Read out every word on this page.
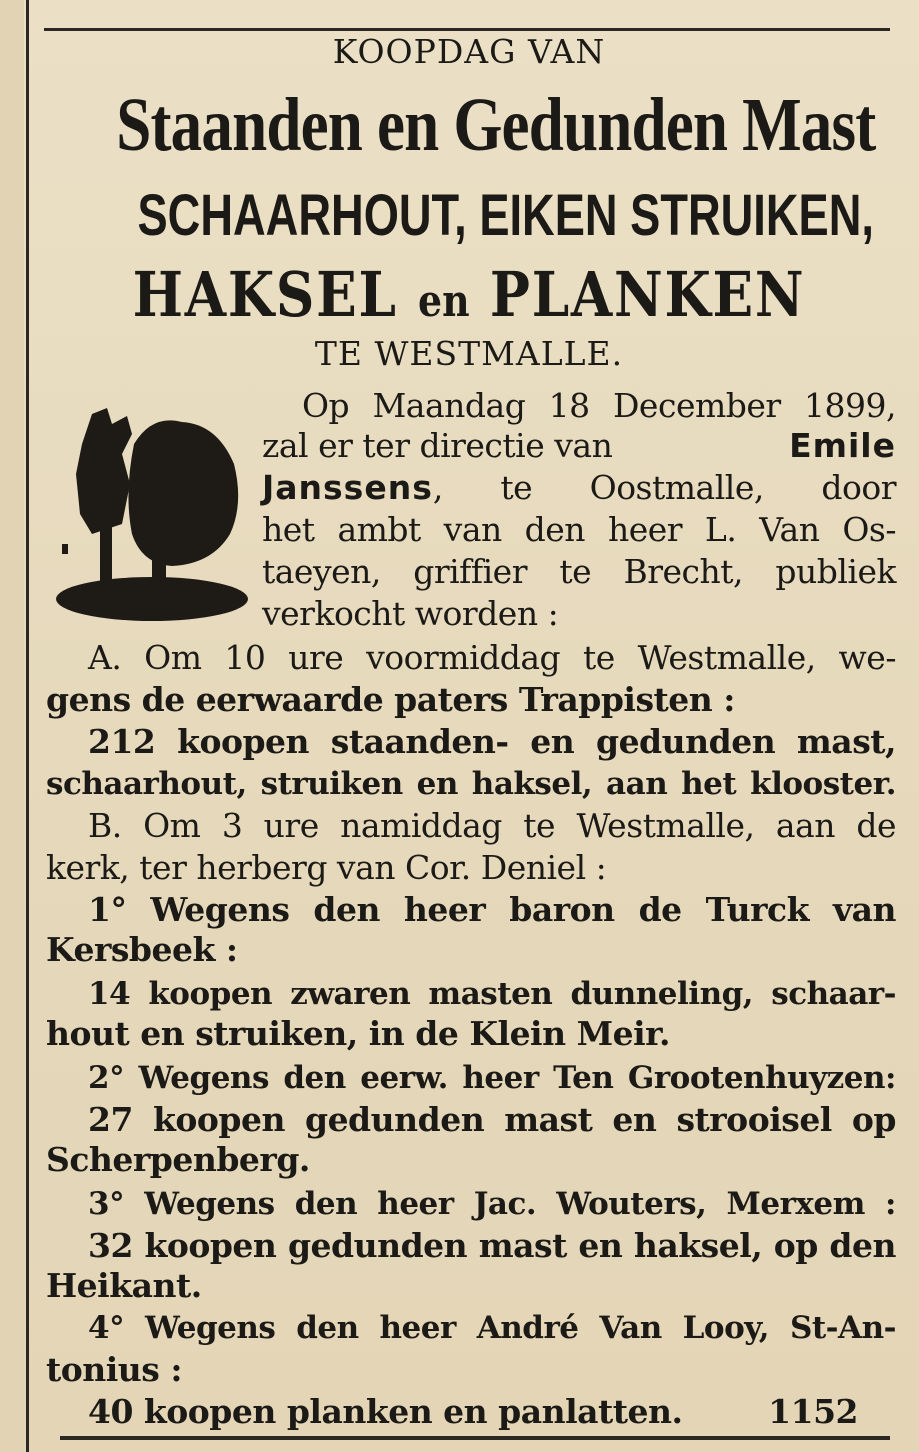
KOOPDAG VAN
Staanden en Gedunden Mast
SCHAARHOUT, EIKEN STRUIKEN,
HAKSEL en PLANKEN
TE WESTMALLE.
Op Maandag 18 December 1899,
zal er ter directie van	Emile
Janssens , te Oostmalle, door
het ambt van den heer L. Van Os-
taeyen, griffier te Brecht, publiek
verkocht worden :
A. Om 10 ure voormiddag te Westmalle, we-
gens de eerwaarde paters Trappisten :
212 koopen staanden- en gedunden mast,
schaarhout, struiken en haksel, aan het klooster.
B. Om 3 ure namiddag te Westmalle, aan de
kerk, ter herberg van Cor. Deniel :
1° Wegens den heer baron de Turck van
Kersbeek :
14 koopen zwaren masten dunneling, schaar-
hout en struiken, in de Klein Meir.
2° Wegens den eerw. heer Ten Grootenhuyzen:
27 koopen gedunden mast en strooisel op
Scherpenberg.
3° Wegens den heer Jac. Wouters, Merxem :
32 koopen gedunden mast en haksel, op den
Heikant.
4° Wegens den heer André Van Looy, St-An-
tonius :
40 koopen planken en panlatten.	1152
